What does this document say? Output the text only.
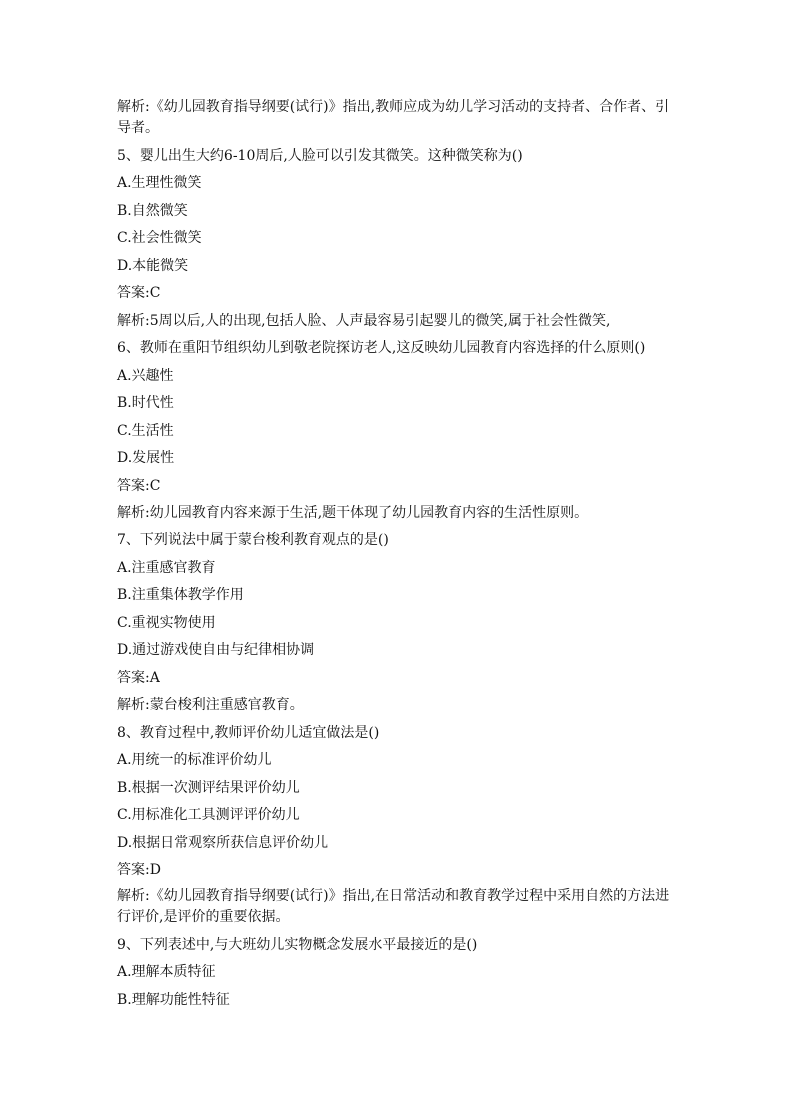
解析:《幼儿园教育指导纲要(试行)》指出,教师应成为幼儿学习活动的支持者、合作者、引导者。
5、婴儿出生大约6-10周后,人脸可以引发其微笑。这种微笑称为()
A.生理性微笑
B.自然微笑
C.社会性微笑
D.本能微笑
答案:C
解析:5周以后,人的出现,包括人脸、人声最容易引起婴儿的微笑,属于社会性微笑,
6、教师在重阳节组织幼儿到敬老院探访老人,这反映幼儿园教育内容选择的什么原则()
A.兴趣性
B.时代性
C.生活性
D.发展性
答案:C
解析:幼儿园教育内容来源于生活,题干体现了幼儿园教育内容的生活性原则。
7、下列说法中属于蒙台梭利教育观点的是()
A.注重感官教育
B.注重集体教学作用
C.重视实物使用
D.通过游戏使自由与纪律相协调
答案:A
解析:蒙台梭利注重感官教育。
8、教育过程中,教师评价幼儿适宜做法是()
A.用统一的标准评价幼儿
B.根据一次测评结果评价幼儿
C.用标准化工具测评评价幼儿
D.根据日常观察所获信息评价幼儿
答案:D
解析:《幼儿园教育指导纲要(试行)》指出,在日常活动和教育教学过程中采用自然的方法进行评价,是评价的重要依据。
9、下列表述中,与大班幼儿实物概念发展水平最接近的是()
A.理解本质特征
B.理解功能性特征
